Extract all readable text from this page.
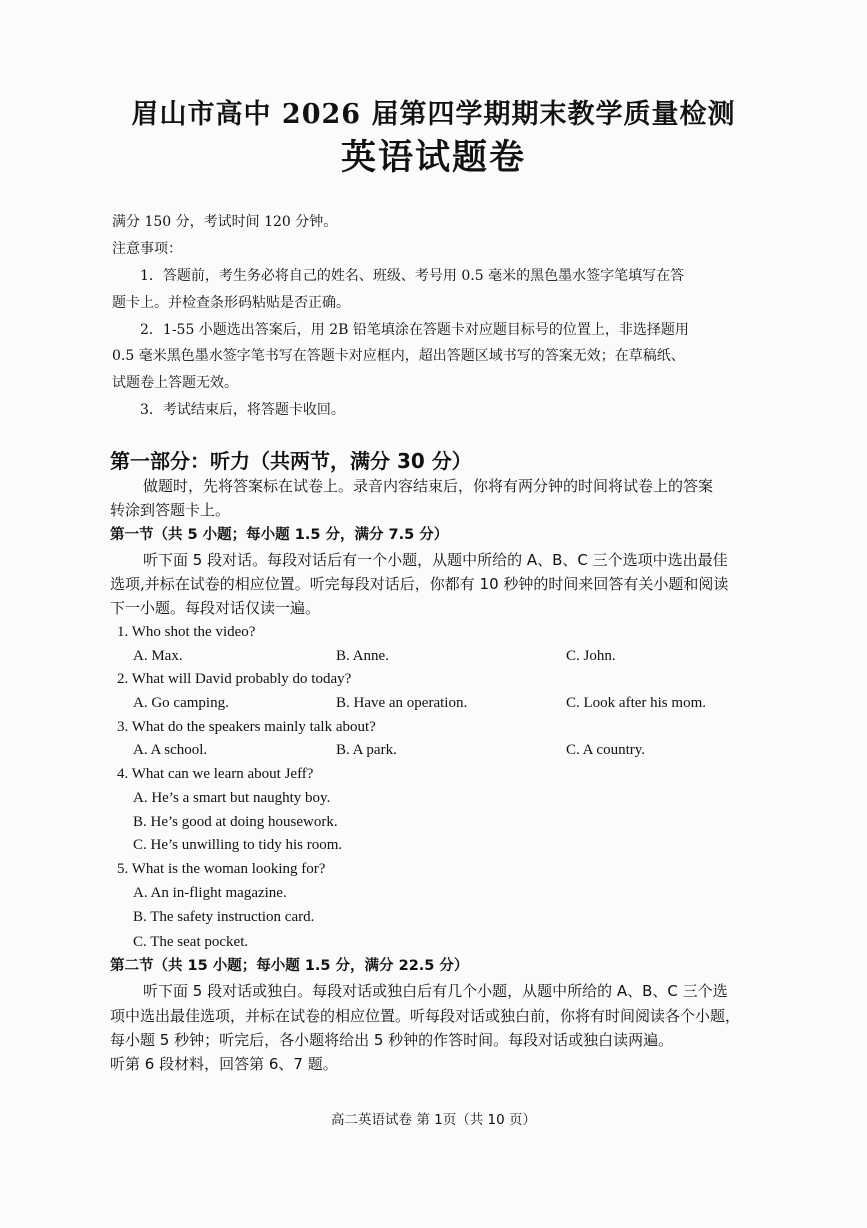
眉山市高中 2026 届第四学期期末教学质量检测
英语试题卷
满分 150 分，考试时间 120 分钟。
注意事项：
1．答题前，考生务必将自己的姓名、班级、考号用 0.5 毫米的黑色墨水签字笔填写在答
题卡上。并检查条形码粘贴是否正确。
2．1-55 小题选出答案后，用 2B 铅笔填涂在答题卡对应题目标号的位置上，非选择题用
0.5 毫米黑色墨水签字笔书写在答题卡对应框内，超出答题区域书写的答案无效；在草稿纸、
试题卷上答题无效。
3．考试结束后，将答题卡收回。
第一部分：听力（共两节，满分 30 分）
做题时，先将答案标在试卷上。录音内容结束后，你将有两分钟的时间将试卷上的答案
转涂到答题卡上。
第一节（共 5 小题；每小题 1.5 分，满分 7.5 分）
听下面 5 段对话。每段对话后有一个小题，从题中所给的 A、B、C 三个选项中选出最佳
选项,并标在试卷的相应位置。听完每段对话后，你都有 10 秒钟的时间来回答有关小题和阅读
下一小题。每段对话仅读一遍。
1. Who shot the video?
A. Max.	B. Anne.	C. John.
2. What will David probably do today?
A. Go camping.	B. Have an operation.	C. Look after his mom.
3. What do the speakers mainly talk about?
A. A school.	B. A park.	C. A country.
4. What can we learn about Jeff?
A. He’s a smart but naughty boy.
B. He’s good at doing housework.
C. He’s unwilling to tidy his room.
5. What is the woman looking for?
A. An in-flight magazine.
B. The safety instruction card.
C. The seat pocket.
第二节（共 15 小题；每小题 1.5 分，满分 22.5 分）
听下面 5 段对话或独白。每段对话或独白后有几个小题，从题中所给的 A、B、C 三个选
项中选出最佳选项，并标在试卷的相应位置。听每段对话或独白前，你将有时间阅读各个小题，
每小题 5 秒钟；听完后，各小题将给出 5 秒钟的作答时间。每段对话或独白读两遍。
听第 6 段材料，回答第 6、7 题。
高二英语试卷 第 1页（共 10 页）
